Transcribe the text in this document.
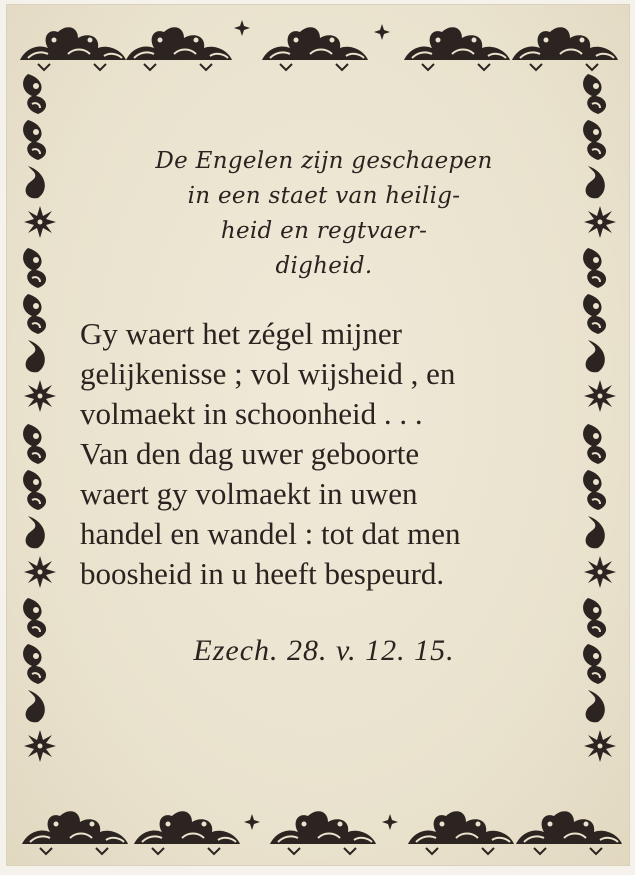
De Engelen zijn geschaepen
in een staet van heilig-
heid en regtvaer-
digheid.
Gy waert het zégel mijner
gelijkenisse ; vol wijsheid , en
volmaekt in schoonheid . . .
Van den dag uwer geboorte
waert gy volmaekt in uwen
handel en wandel : tot dat men
boosheid in u heeft bespeurd.
Ezech. 28. v. 12. 15.
